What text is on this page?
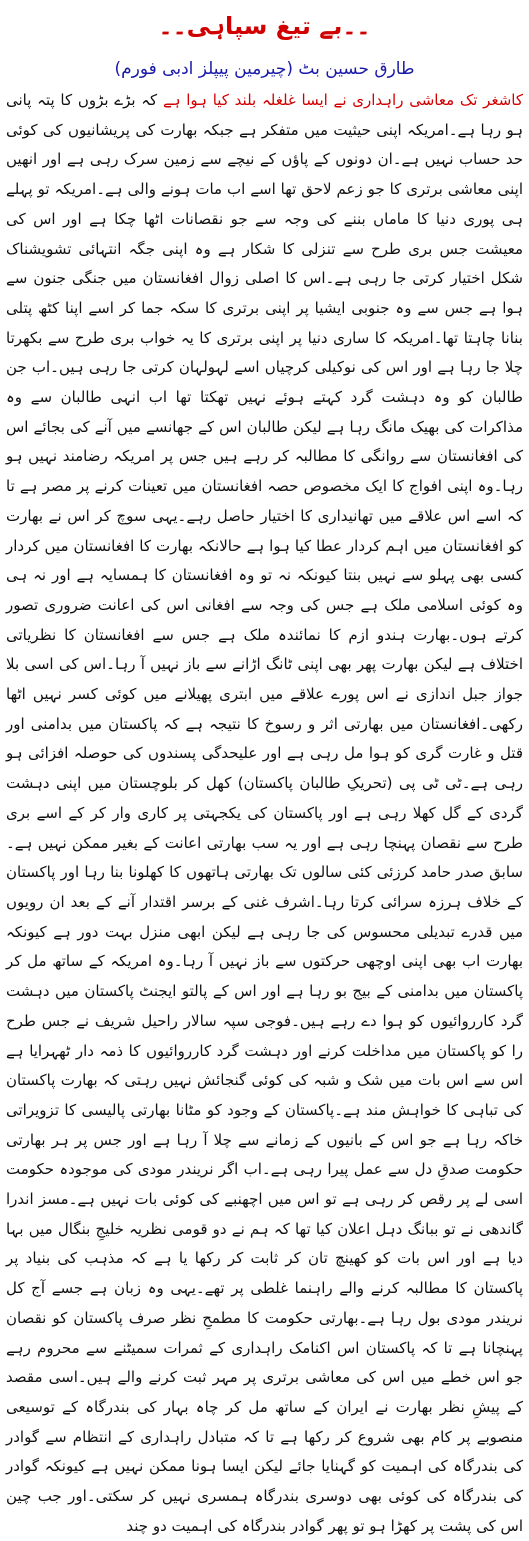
۔۔بے تیغ سپاہی۔۔
طارق حسین بٹ (چیرمین پیپلز ادبی فورم)

کاشغر تک معاشی راہداری نے ایسا غلغلہ بلند کیا ہوا ہے کہ بڑے بڑوں کا پتہ پانی ہو رہا ہے۔امریکہ اپنی حیثیت میں متفکر ہے جبکہ بھارت کی پریشانیوں کی کوئی حد حساب نہیں ہے۔ان دونوں کے پاؤں کے نیچے سے زمین سرک رہی ہے اور انھیں اپنی معاشی برتری کا جو زعم لاحق تھا اسے اب مات ہونے والی ہے۔امریکہ تو پہلے ہی پوری دنیا کا ماماں بننے کی وجہ سے جو نقصانات اٹھا چکا ہے اور اس کی معیشت جس بری طرح سے تنزلی کا شکار ہے وہ اپنی جگہ انتہائی تشویشناک شکل اختیار کرتی جا رہی ہے۔اس کا اصلی زوال افغانستان میں جنگی جنون سے ہوا ہے جس سے وہ جنوبی ایشیا پر اپنی برتری کا سکہ جما کر اسے اپنا کٹھ پتلی بنانا چاہتا تھا۔امریکہ کا ساری دنیا پر اپنی برتری کا یہ خواب بری طرح سے بکھرتا چلا جا رہا ہے اور اس کی نوکیلی کرچیاں اسے لہولہان کرتی جا رہی ہیں۔اب جن طالبان کو وہ دہشت گرد کہتے ہوئے نہیں تھکتا تھا اب انہی طالبان سے وہ مذاکرات کی بھیک مانگ رہا ہے لیکن طالبان اس کے جھانسے میں آنے کی بجائے اس کی افغانستان سے روانگی کا مطالبہ کر رہے ہیں جس پر امریکہ رضامند نہیں ہو رہا۔وہ اپنی افواج کا ایک مخصوص حصہ افغانستان میں تعینات کرنے پر مصر ہے تا کہ اسے اس علاقے میں تھانیداری کا اختیار حاصل رہے۔یہی سوچ کر اس نے بھارت کو افغانستان میں اہم کردار عطا کیا ہوا ہے حالانکہ بھارت کا افغانستان میں کردار کسی بھی پہلو سے نہیں بنتا کیونکہ نہ تو وہ افغانستان کا ہمسایہ ہے اور نہ ہی وہ کوئی اسلامی ملک ہے جس کی وجہ سے افغانی اس کی اعانت ضروری تصور کرتے ہوں۔بھارت ہندو ازم کا نمائندہ ملک ہے جس سے افغانستان کا نظریاتی اختلاف ہے لیکن بھارت پھر بھی اپنی ٹانگ اڑانے سے باز نہیں آ رہا۔اس کی اسی بلا جواز جبل اندازی نے اس پورے علاقے میں ابتری پھیلانے میں کوئی کسر نہیں اٹھا رکھی۔افغانستان میں بھارتی اثر و رسوخ کا نتیجہ ہے کہ پاکستان میں بدامنی اور قتل و غارت گری کو ہوا مل رہی ہے اور علیحدگی پسندوں کی حوصلہ افزائی ہو رہی ہے۔ٹی ٹی پی (تحریکِ طالبان پاکستان) کھل کر بلوچستان میں اپنی دہشت گردی کے گل کھلا رہی ہے اور پاکستان کی یکجہتی پر کاری وار کر کے اسے بری طرح سے نقصان پہنچا رہی ہے اور یہ سب بھارتی اعانت کے بغیر ممکن نہیں ہے۔سابق صدر حامد کرزئی کئی سالوں تک بھارتی ہاتھوں کا کھلونا بنا رہا اور پاکستان کے خلاف ہرزہ سرائی کرتا رہا۔اشرف غنی کے برسر اقتدار آنے کے بعد ان رویوں میں قدرے تبدیلی محسوس کی جا رہی ہے لیکن ابھی منزل بہت دور ہے کیونکہ بھارت اب بھی اپنی اوچھی حرکتوں سے باز نہیں آ رہا۔وہ امریکہ کے ساتھ مل کر پاکستان میں بدامنی کے بیج بو رہا ہے اور اس کے پالتو ایجنٹ پاکستان میں دہشت گرد کارروائیوں کو ہوا دے رہے ہیں۔فوجی سپہ سالار راحیل شریف نے جس طرح را کو پاکستان میں مداخلت کرنے اور دہشت گرد کارروائیوں کا ذمہ دار ٹھہرایا ہے اس سے اس بات میں شک و شبہ کی کوئی گنجائش نہیں رہتی کہ بھارت پاکستان کی تباہی کا خواہش مند ہے۔پاکستان کے وجود کو مٹانا بھارتی پالیسی کا تزویراتی خاکہ رہا ہے جو اس کے بانیوں کے زمانے سے چلا آ رہا ہے اور جس پر ہر بھارتی حکومت صدقِ دل سے عمل پیرا رہی ہے۔اب اگر نریندر مودی کی موجودہ حکومت اسی لے پر رقص کر رہی ہے تو اس میں اچھنبے کی کوئی بات نہیں ہے۔مسز اندرا گاندھی نے تو ببانگ دہل اعلان کیا تھا کہ ہم نے دو قومی نظریہ خلیجِ بنگال میں بہا دیا ہے اور اس بات کو کھینچ تان کر ثابت کر رکھا یا ہے کہ مذہب کی بنیاد پر پاکستان کا مطالبہ کرنے والے راہنما غلطی پر تھے۔یہی وہ زبان ہے جسے آج کل نریندر مودی بول رہا ہے۔بھارتی حکومت کا مطمحِ نظر صرف پاکستان کو نقصان پہنچانا ہے تا کہ پاکستان اس اکنامک راہداری کے ثمرات سمیٹنے سے محروم رہے جو اس خطے میں اس کی معاشی برتری پر مہر ثبت کرنے والے ہیں۔اسی مقصد کے پیشِ نظر بھارت نے ایران کے ساتھ مل کر چاہ بہار کی بندرگاہ کے توسیعی منصوبے پر کام بھی شروع کر رکھا ہے تا کہ متبادل راہداری کے انتظام سے گوادر کی بندرگاہ کی اہمیت کو گہنایا جائے لیکن ایسا ہونا ممکن نہیں ہے کیونکہ گوادر کی بندرگاہ کی کوئی بھی دوسری بندرگاہ ہمسری نہیں کر سکتی۔اور جب چین اس کی پشت پر کھڑا ہو تو پھر گوادر بندرگاہ کی اہمیت دو چند
